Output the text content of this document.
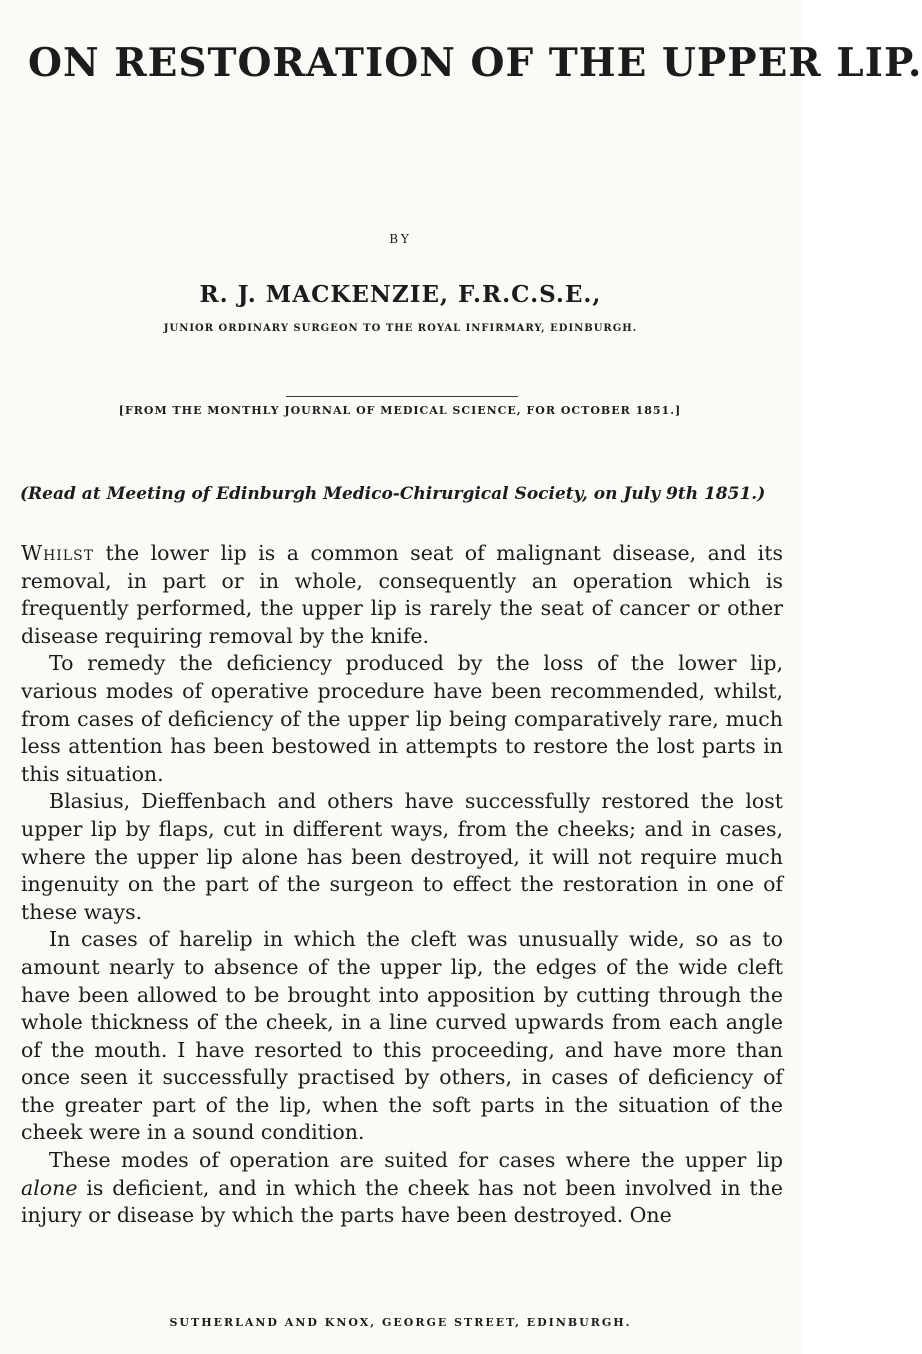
ON RESTORATION OF THE UPPER LIP.
BY
R. J. MACKENZIE, F.R.C.S.E.,
JUNIOR ORDINARY SURGEON TO THE ROYAL INFIRMARY, EDINBURGH.
[FROM THE MONTHLY JOURNAL OF MEDICAL SCIENCE, FOR OCTOBER 1851.]
(Read at Meeting of Edinburgh Medico-Chirurgical Society, on July 9th 1851.)

Whilst the lower lip is a common seat of malignant disease, and its removal, in part or in whole, consequently an operation which is frequently performed, the upper lip is rarely the seat of cancer or other disease requiring removal by the knife.

To remedy the deficiency produced by the loss of the lower lip, various modes of operative procedure have been recommended, whilst, from cases of deficiency of the upper lip being comparatively rare, much less attention has been bestowed in attempts to restore the lost parts in this situation.

Blasius, Dieffenbach and others have successfully restored the lost upper lip by flaps, cut in different ways, from the cheeks; and in cases, where the upper lip alone has been destroyed, it will not require much ingenuity on the part of the surgeon to effect the restoration in one of these ways.

In cases of harelip in which the cleft was unusually wide, so as to amount nearly to absence of the upper lip, the edges of the wide cleft have been allowed to be brought into apposition by cutting through the whole thickness of the cheek, in a line curved upwards from each angle of the mouth. I have resorted to this proceeding, and have more than once seen it successfully practised by others, in cases of deficiency of the greater part of the lip, when the soft parts in the situation of the cheek were in a sound condition.

These modes of operation are suited for cases where the upper lip alone is deficient, and in which the cheek has not been involved in the injury or disease by which the parts have been destroyed. One

SUTHERLAND AND KNOX, GEORGE STREET, EDINBURGH.
